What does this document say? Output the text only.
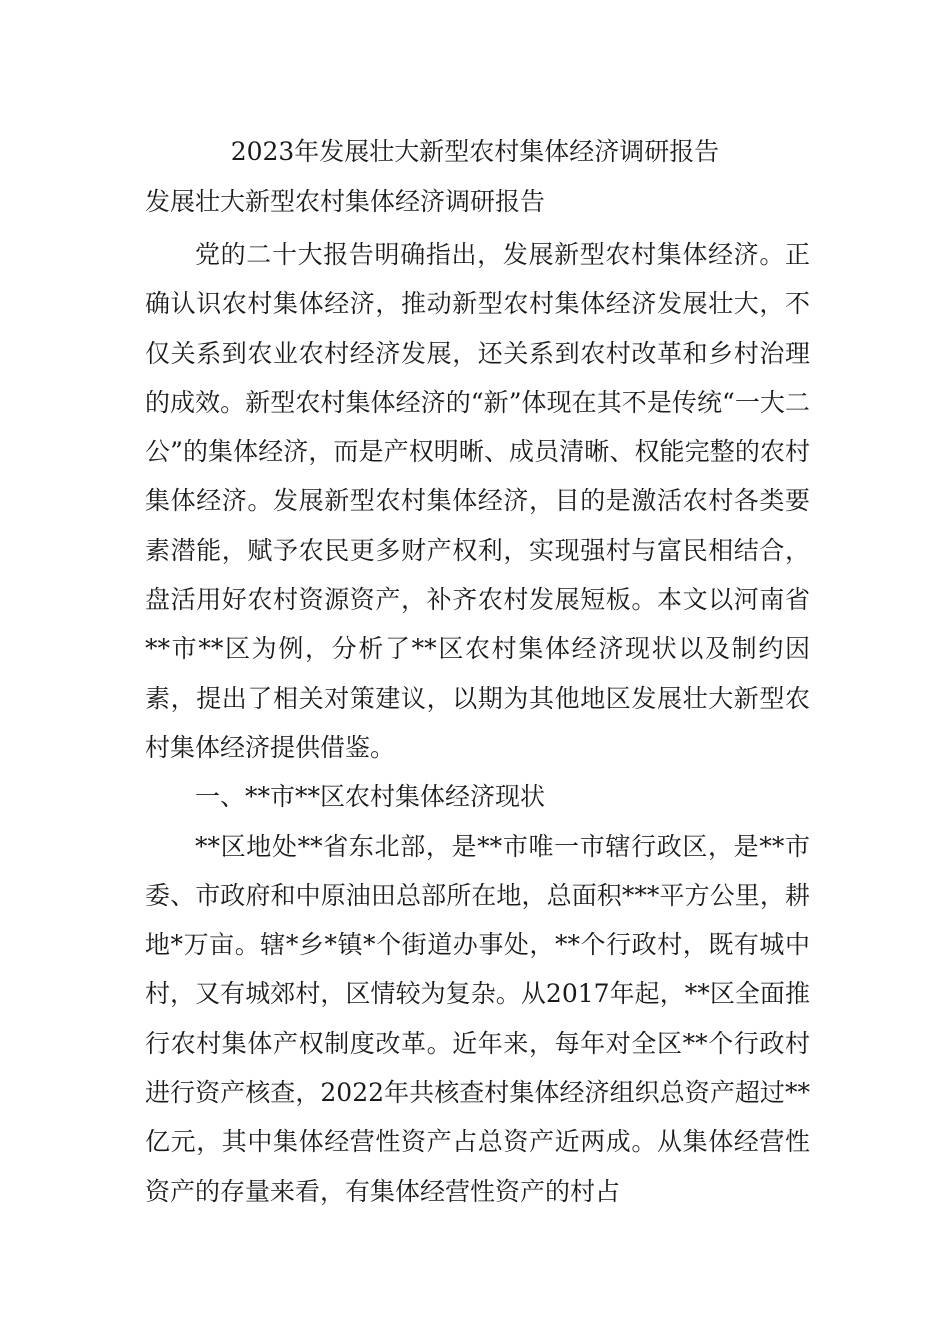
2023年发展壮大新型农村集体经济调研报告
发展壮大新型农村集体经济调研报告

党的二十大报告明确指出，发展新型农村集体经济。正确认识农村集体经济，推动新型农村集体经济发展壮大，不仅关系到农业农村经济发展，还关系到农村改革和乡村治理的成效。新型农村集体经济的“新”体现在其不是传统“一大二公”的集体经济，而是产权明晰、成员清晰、权能完整的农村集体经济。发展新型农村集体经济，目的是激活农村各类要素潜能，赋予农民更多财产权利，实现强村与富民相结合，盘活用好农村资源资产，补齐农村发展短板。本文以河南省**市**区为例，分析了**区农村集体经济现状以及制约因素，提出了相关对策建议，以期为其他地区发展壮大新型农村集体经济提供借鉴。

一、**市**区农村集体经济现状

**区地处**省东北部，是**市唯一市辖行政区，是**市委、市政府和中原油田总部所在地，总面积***平方公里，耕地*万亩。辖*乡*镇*个街道办事处，**个行政村，既有城中村，又有城郊村，区情较为复杂。从2017年起，**区全面推行农村集体产权制度改革。近年来，每年对全区**个行政村进行资产核查，2022年共核查村集体经济组织总资产超过**亿元，其中集体经营性资产占总资产近两成。从集体经营性资产的存量来看，有集体经营性资产的村占
